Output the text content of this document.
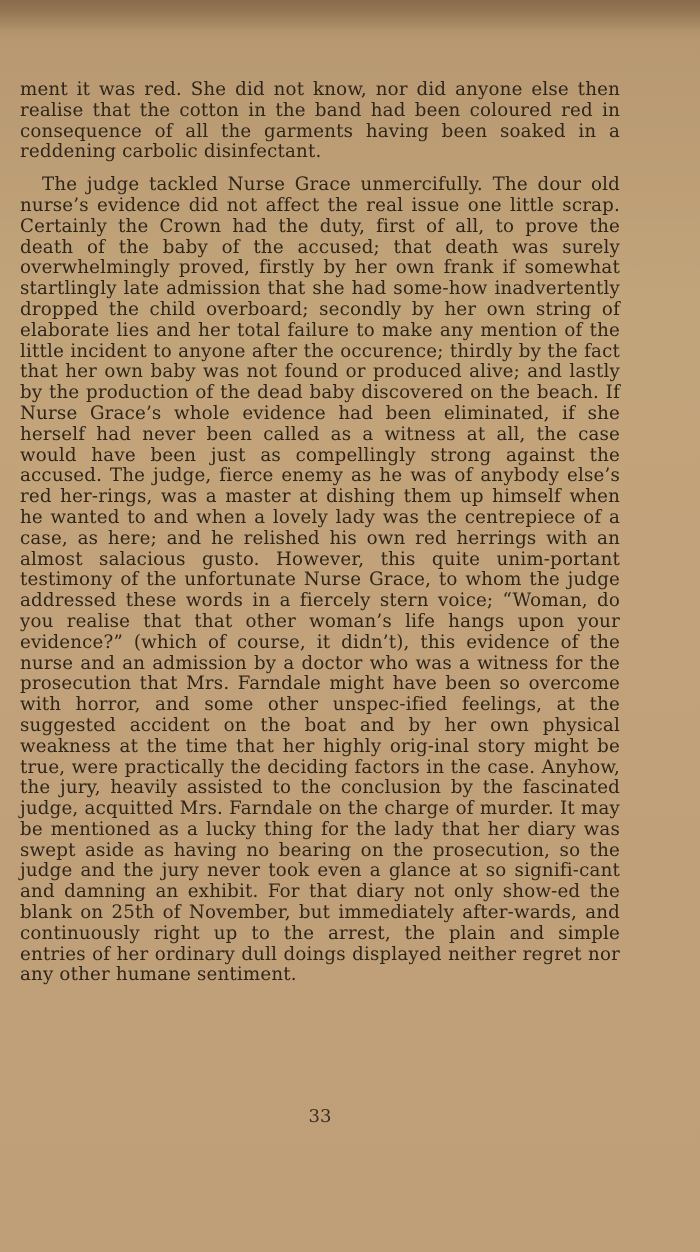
ment it was red. She did not know, nor did anyone else then realise that the cotton in the band had been coloured red in consequence of all the garments having been soaked in a reddening carbolic disinfectant.

The judge tackled Nurse Grace unmercifully. The dour old nurse’s evidence did not affect the real issue one little scrap. Certainly the Crown had the duty, first of all, to prove the death of the baby of the accused; that death was surely overwhelmingly proved, firstly by her own frank if somewhat startlingly late admission that she had some-how inadvertently dropped the child overboard; secondly by her own string of elaborate lies and her total failure to make any mention of the little incident to anyone after the occurence; thirdly by the fact that her own baby was not found or produced alive; and lastly by the production of the dead baby discovered on the beach. If Nurse Grace’s whole evidence had been eliminated, if she herself had never been called as a witness at all, the case would have been just as compellingly strong against the accused. The judge, fierce enemy as he was of anybody else’s red her-rings, was a master at dishing them up himself when he wanted to and when a lovely lady was the centrepiece of a case, as here; and he relished his own red herrings with an almost salacious gusto. However, this quite unim-portant testimony of the unfortunate Nurse Grace, to whom the judge addressed these words in a fiercely stern voice; “Woman, do you realise that that other woman’s life hangs upon your evidence?” (which of course, it didn’t), this evidence of the nurse and an admission by a doctor who was a witness for the prosecution that Mrs. Farndale might have been so overcome with horror, and some other unspec-ified feelings, at the suggested accident on the boat and by her own physical weakness at the time that her highly orig-inal story might be true, were practically the deciding factors in the case. Anyhow, the jury, heavily assisted to the conclusion by the fascinated judge, acquitted Mrs. Farndale on the charge of murder. It may be mentioned as a lucky thing for the lady that her diary was swept aside as having no bearing on the prosecution, so the judge and the jury never took even a glance at so signifi-cant and damning an exhibit. For that diary not only show-ed the blank on 25th of November, but immediately after-wards, and continuously right up to the arrest, the plain and simple entries of her ordinary dull doings displayed neither regret nor any other humane sentiment.

33
